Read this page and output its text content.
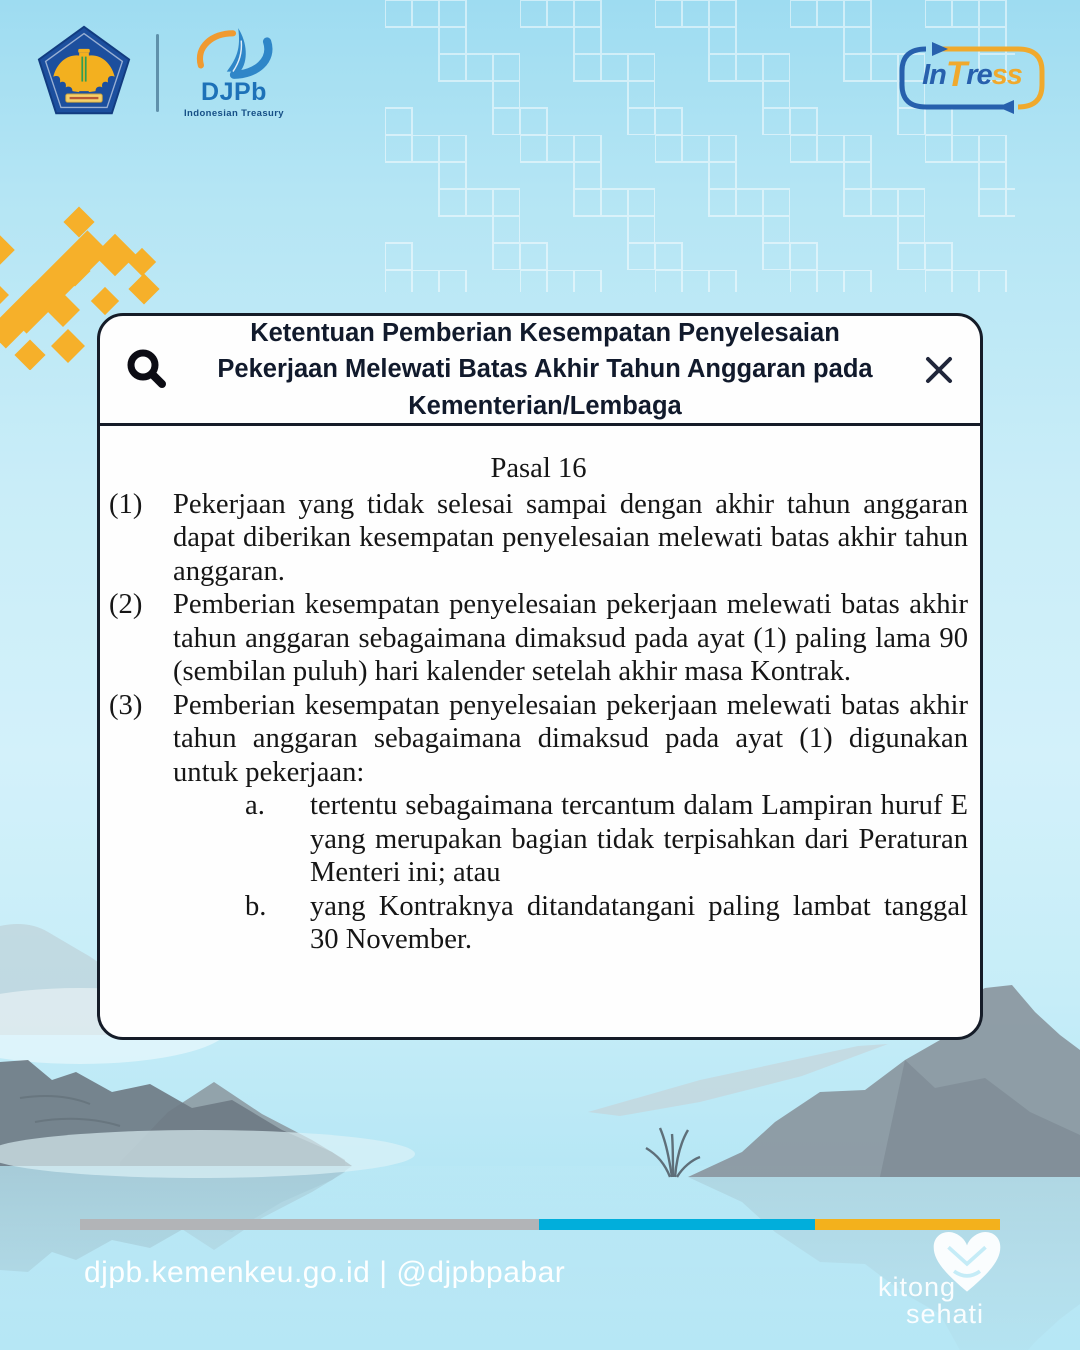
DJPb
Indonesian Treasury
InTress
Ketentuan Pemberian Kesempatan Penyelesaian Pekerjaan Melewati Batas Akhir Tahun Anggaran pada Kementerian/Lembaga

Pasal 16

(1)	Pekerjaan yang tidak selesai sampai dengan akhir tahun anggaran dapat diberikan kesempatan penyelesaian melewati batas akhir tahun anggaran.

(2)	Pemberian kesempatan penyelesaian pekerjaan melewati batas akhir tahun anggaran sebagaimana dimaksud pada ayat (1) paling lama 90 (sembilan puluh) hari kalender setelah akhir masa Kontrak.

(3)	Pemberian kesempatan penyelesaian pekerjaan melewati batas akhir tahun anggaran sebagaimana dimaksud pada ayat (1) digunakan untuk pekerjaan:

a.	tertentu sebagaimana tercantum dalam Lampiran huruf E yang merupakan bagian tidak terpisahkan dari Peraturan Menteri ini; atau

b.	yang Kontraknya ditandatangani paling lambat tanggal 30 November.

djpb.kemenkeu.go.id | @djpbpabar	kitong
sehati
